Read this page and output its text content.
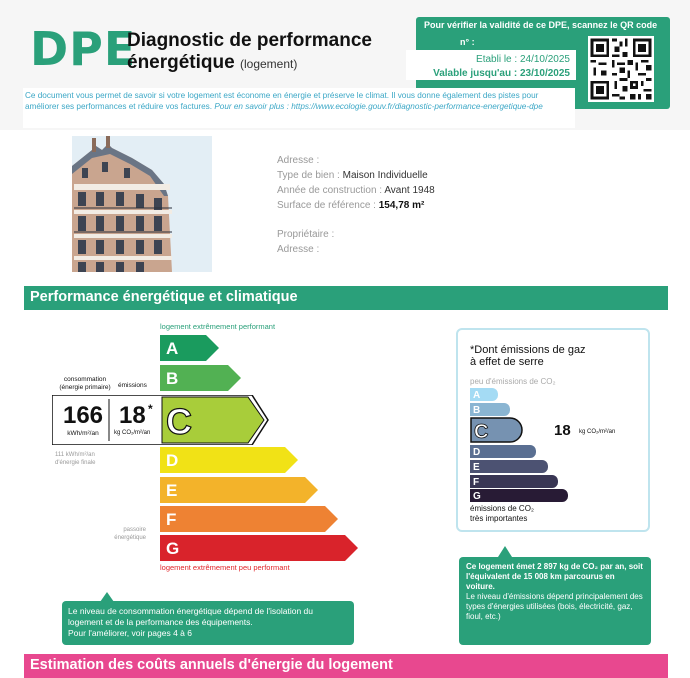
DPE
Diagnostic de performance
énergétique (logement)
Pour vérifier la validité de ce DPE, scannez le QR code
n° :
Etabli le : 24/10/2025
Valable jusqu'au : 23/10/2025
Ce document vous permet de savoir si votre logement est économe en énergie et préserve le climat. Il vous donne également des pistes pour améliorer ses performances et réduire vos factures. Pour en savoir plus : https://www.ecologie.gouv.fr/diagnostic-performance-energetique-dpe
Adresse :
Type de bien : Maison Individuelle
Année de construction : Avant 1948
Surface de référence : 154,78 m²
Propriétaire :
Adresse :
Performance énergétique et climatique
logement extrêmement performant
A
B
C
166
kWh/m²/an
18 *
kg CO₂/m²/an
consommation (énergie primaire)	émissions
111 kWh/m²/an d'énergie finale	D
E
F
G
passoire énergétique
logement extrêmement peu performant
*Dont émissions de gaz
à effet de serre
peu d'émissions de CO₂
A
B
C	18 kg CO₂/m²/an
D
E
F
G
émissions de CO₂
très importantes
Ce logement émet 2 897 kg de CO₂ par an, soit l'équivalent de 15 008 km parcourus en voiture.
Le niveau d'émissions dépend principalement des types d'énergies utilisées (bois, électricité, gaz, fioul, etc.)
Le niveau de consommation énergétique dépend de l'isolation du logement et de la performance des équipements.
Pour l'améliorer, voir pages 4 à 6
Estimation des coûts annuels d'énergie du logement
